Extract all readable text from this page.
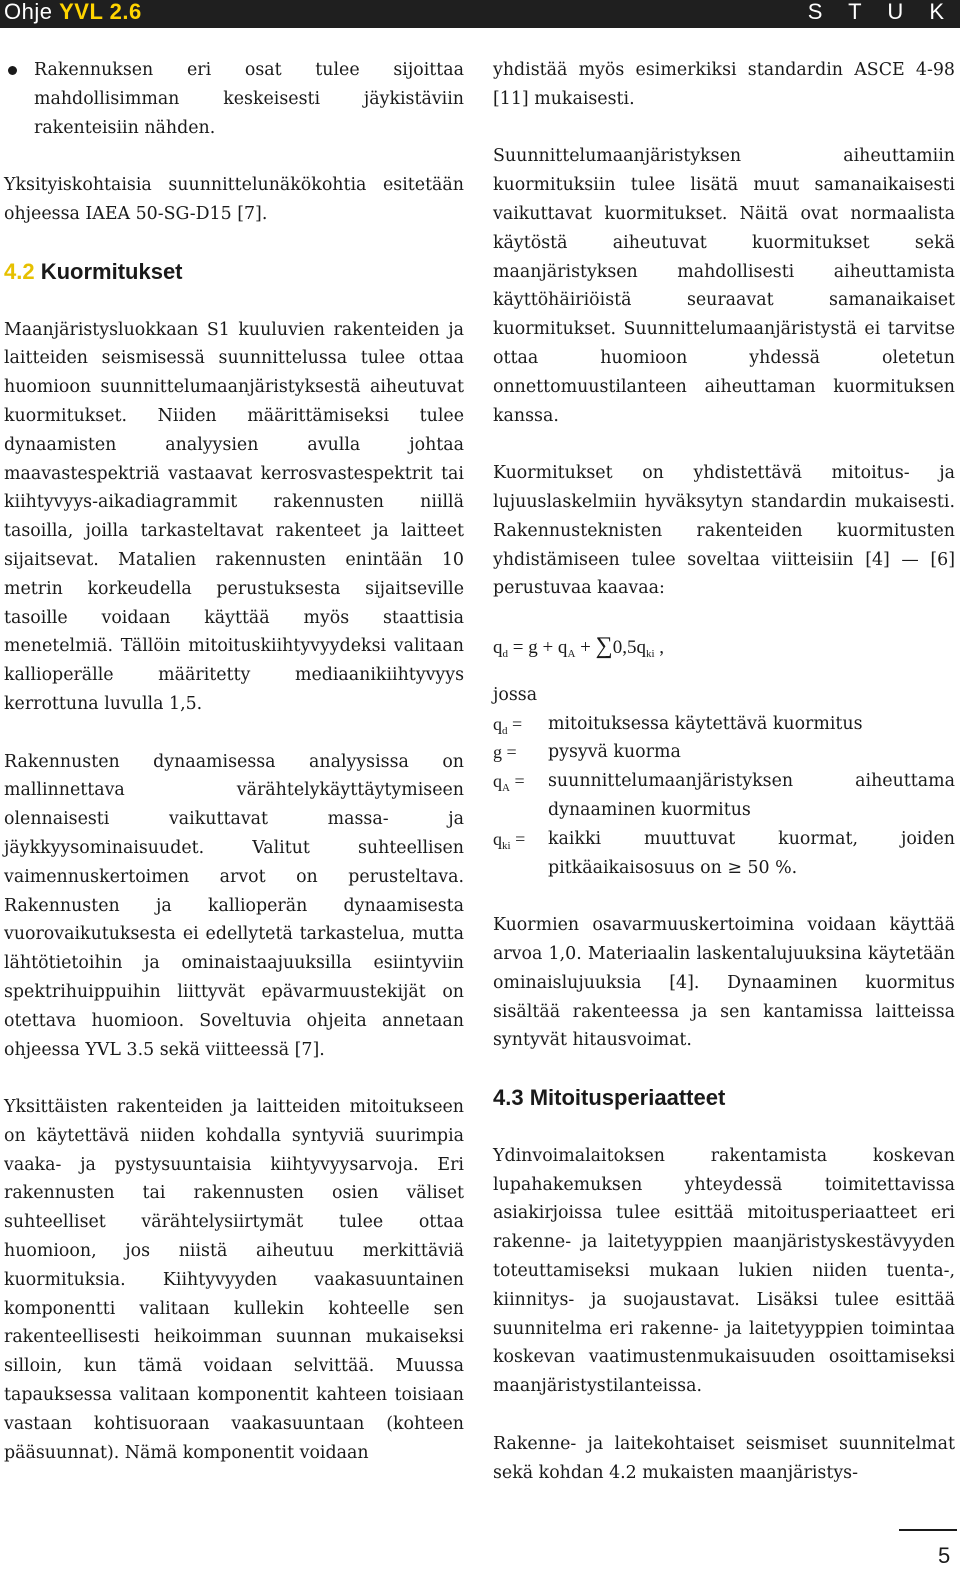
Ohje YVL 2.6	S T U K
Rakennuksen eri osat tulee sijoittaa mahdollisimman keskeisesti jäykistäviin rakenteisiin nähden.

Yksityiskohtaisia suunnittelunäkökohtia esitetään ohjeessa IAEA 50-SG-D15 [7].

4.2 Kuormitukset

Maanjäristysluokkaan S1 kuuluvien rakenteiden ja laitteiden seismisessä suunnittelussa tulee ottaa huomioon suunnittelumaanjäristyksestä aiheutuvat kuormitukset. Niiden määrittämiseksi tulee dynaamisten analyysien avulla johtaa maavastespektriä vastaavat kerrosvastespektrit tai kiihtyvyys-aikadiagrammit rakennusten niillä tasoilla, joilla tarkasteltavat rakenteet ja laitteet sijaitsevat. Matalien rakennusten enintään 10 metrin korkeudella perustuksesta sijaitseville tasoille voidaan käyttää myös staattisia menetelmiä. Tällöin mitoituskiihtyvyydeksi valitaan kallioperälle määritetty mediaanikiihtyvyys kerrottuna luvulla 1,5.

Rakennusten dynaamisessa analyysissa on mallinnettava värähtelykäyttäytymiseen olennaisesti vaikuttavat massa- ja jäykkyysominaisuudet. Valitut suhteellisen vaimennuskertoimen arvot on perusteltava. Rakennusten ja kallioperän dynaamisesta vuorovaikutuksesta ei edellytetä tarkastelua, mutta lähtötietoihin ja ominaistaajuuksilla esiintyviin spektrihuippuihin liittyvät epävarmuustekijät on otettava huomioon. Soveltuvia ohjeita annetaan ohjeessa YVL 3.5 sekä viitteessä [7].

Yksittäisten rakenteiden ja laitteiden mitoitukseen on käytettävä niiden kohdalla syntyviä suurimpia vaaka- ja pystysuuntaisia kiihtyvyysarvoja. Eri rakennusten tai rakennusten osien väliset suhteelliset värähtelysiirtymät tulee ottaa huomioon, jos niistä aiheutuu merkittäviä kuormituksia. Kiihtyvyyden vaakasuuntainen komponentti valitaan kullekin kohteelle sen rakenteellisesti heikoimman suunnan mukaiseksi silloin, kun tämä voidaan selvittää. Muussa tapauksessa valitaan komponentit kahteen toisiaan vastaan kohtisuoraan vaakasuuntaan (kohteen pääsuunnat). Nämä komponentit voidaan

yhdistää myös esimerkiksi standardin ASCE 4-98 [11] mukaisesti.

Suunnittelumaanjäristyksen aiheuttamiin kuormituksiin tulee lisätä muut samanaikaisesti vaikuttavat kuormitukset. Näitä ovat normaalista käytöstä aiheutuvat kuormitukset sekä maanjäristyksen mahdollisesti aiheuttamista käyttöhäiriöistä seuraavat samanaikaiset kuormitukset. Suunnittelumaanjäristystä ei tarvitse ottaa huomioon yhdessä oletetun onnettomuustilanteen aiheuttaman kuormituksen kanssa.

Kuormitukset on yhdistettävä mitoitus- ja lujuuslaskelmiin hyväksytyn standardin mukaisesti. Rakennusteknisten rakenteiden kuormitusten yhdistämiseen tulee soveltaa viitteisiin [4] — [6] perustuvaa kaavaa:

$q_d = g + q_A + \sum 0,5q_{ki}$ ,

jossa

$q_d$ =	mitoituksessa käytettävä kuormitus
g =	pysyvä kuorma
$q_A$ =	suunnittelumaanjäristyksen aiheuttama dynaaminen kuormitus
$q_{ki}$ =	kaikki muuttuvat kuormat, joiden pitkäaikaisosuus on ≥ 50 %.

Kuormien osavarmuuskertoimina voidaan käyttää arvoa 1,0. Materiaalin laskentalujuuksina käytetään ominaislujuuksia [4]. Dynaaminen kuormitus sisältää rakenteessa ja sen kantamissa laitteissa syntyvät hitausvoimat.

4.3 Mitoitusperiaatteet

Ydinvoimalaitoksen rakentamista koskevan lupahakemuksen yhteydessä toimitettavissa asiakirjoissa tulee esittää mitoitusperiaatteet eri rakenne- ja laitetyyppien maanjäristyskestävyyden toteuttamiseksi mukaan lukien niiden tuenta-, kiinnitys- ja suojaustavat. Lisäksi tulee esittää suunnitelma eri rakenne- ja laitetyyppien toimintaa koskevan vaatimustenmukaisuuden osoittamiseksi maanjäristystilanteissa.

Rakenne- ja laitekohtaiset seismiset suunnitelmat sekä kohdan 4.2 mukaisten maanjäristys-

5
